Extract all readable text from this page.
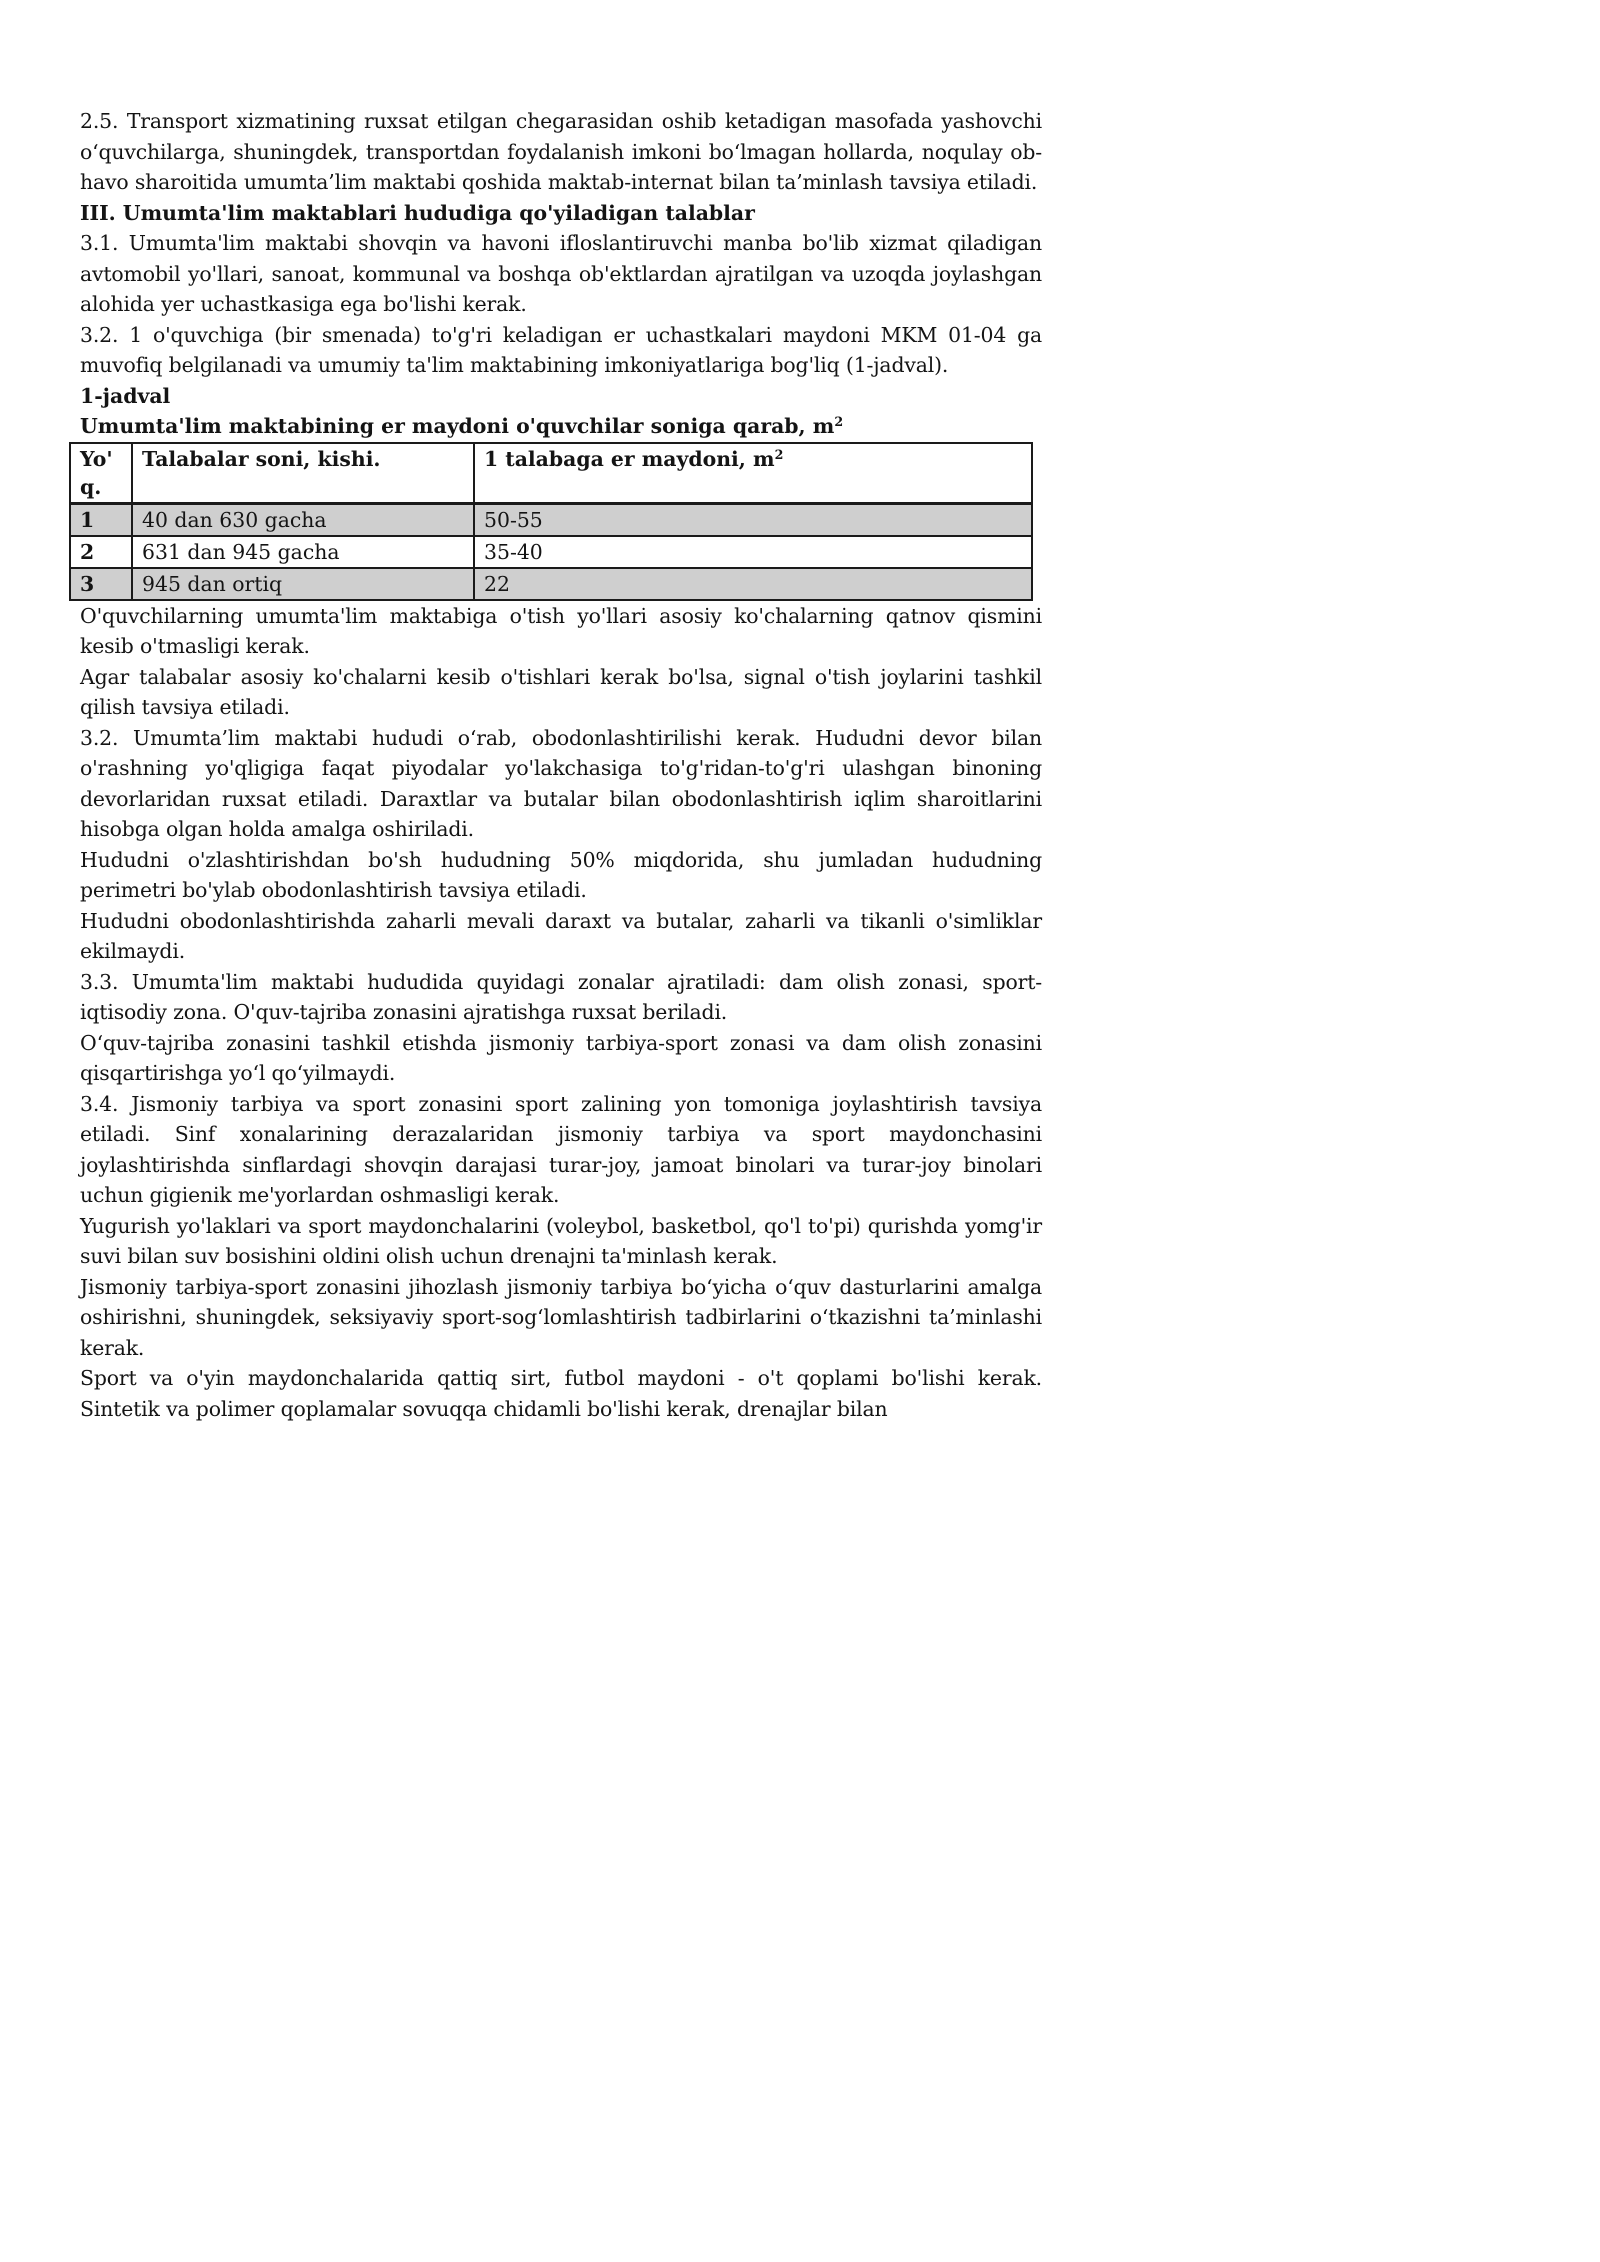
2.5. Transport xizmatining ruxsat etilgan chegarasidan oshib ketadigan masofada yashovchi o‘quvchilarga, shuningdek, transportdan foydalanish imkoni bo‘lmagan hollarda, noqulay ob-havo sharoitida umumta’lim maktabi qoshida maktab-internat bilan ta’minlash tavsiya etiladi.

III. Umumta'lim maktablari hududiga qo'yiladigan talablar

3.1. Umumta'lim maktabi shovqin va havoni ifloslantiruvchi manba bo'lib xizmat qiladigan avtomobil yo'llari, sanoat, kommunal va boshqa ob'ektlardan ajratilgan va uzoqda joylashgan alohida yer uchastkasiga ega bo'lishi kerak.

3.2. 1 o'quvchiga (bir smenada) to'g'ri keladigan er uchastkalari maydoni MKM 01-04 ga muvofiq belgilanadi va umumiy ta'lim maktabining imkoniyatlariga bog'liq (1-jadval).

1-jadval

Umumta'lim maktabining er maydoni o'quvchilar soniga qarab, $m^2$

Yo' q.	Talabalar soni, kishi.	1 talabaga er maydoni, $m^2$
1	40 dan 630 gacha	50-55
2	631 dan 945 gacha	35-40
3	945 dan ortiq	22

O'quvchilarning umumta'lim maktabiga o'tish yo'llari asosiy ko'chalarning qatnov qismini kesib o'tmasligi kerak.

Agar talabalar asosiy ko'chalarni kesib o'tishlari kerak bo'lsa, signal o'tish joylarini tashkil qilish tavsiya etiladi.

3.2. Umumta’lim maktabi hududi o‘rab, obodonlashtirilishi kerak. Hududni devor bilan o'rashning yo'qligiga faqat piyodalar yo'lakchasiga to'g'ridan-to'g'ri ulashgan binoning devorlaridan ruxsat etiladi. Daraxtlar va butalar bilan obodonlashtirish iqlim sharoitlarini hisobga olgan holda amalga oshiriladi.

Hududni o'zlashtirishdan bo'sh hududning 50% miqdorida, shu jumladan hududning perimetri bo'ylab obodonlashtirish tavsiya etiladi.

Hududni obodonlashtirishda zaharli mevali daraxt va butalar, zaharli va tikanli o'simliklar ekilmaydi.

3.3. Umumta'lim maktabi hududida quyidagi zonalar ajratiladi: dam olish zonasi, sport-iqtisodiy zona. O'quv-tajriba zonasini ajratishga ruxsat beriladi.

O‘quv-tajriba zonasini tashkil etishda jismoniy tarbiya-sport zonasi va dam olish zonasini qisqartirishga yo‘l qo‘yilmaydi.

3.4. Jismoniy tarbiya va sport zonasini sport zalining yon tomoniga joylashtirish tavsiya etiladi. Sinf xonalarining derazalaridan jismoniy tarbiya va sport maydonchasini joylashtirishda sinflardagi shovqin darajasi turar-joy, jamoat binolari va turar-joy binolari uchun gigienik me'yorlardan oshmasligi kerak.

Yugurish yo'laklari va sport maydonchalarini (voleybol, basketbol, qo'l to'pi) qurishda yomg'ir suvi bilan suv bosishini oldini olish uchun drenajni ta'minlash kerak.

Jismoniy tarbiya-sport zonasini jihozlash jismoniy tarbiya bo‘yicha o‘quv dasturlarini amalga oshirishni, shuningdek, seksiyaviy sport-sog‘lomlashtirish tadbirlarini o‘tkazishni ta’minlashi kerak.

Sport va o'yin maydonchalarida qattiq sirt, futbol maydoni - o't qoplami bo'lishi kerak. Sintetik va polimer qoplamalar sovuqqa chidamli bo'lishi kerak, drenajlar bilan
